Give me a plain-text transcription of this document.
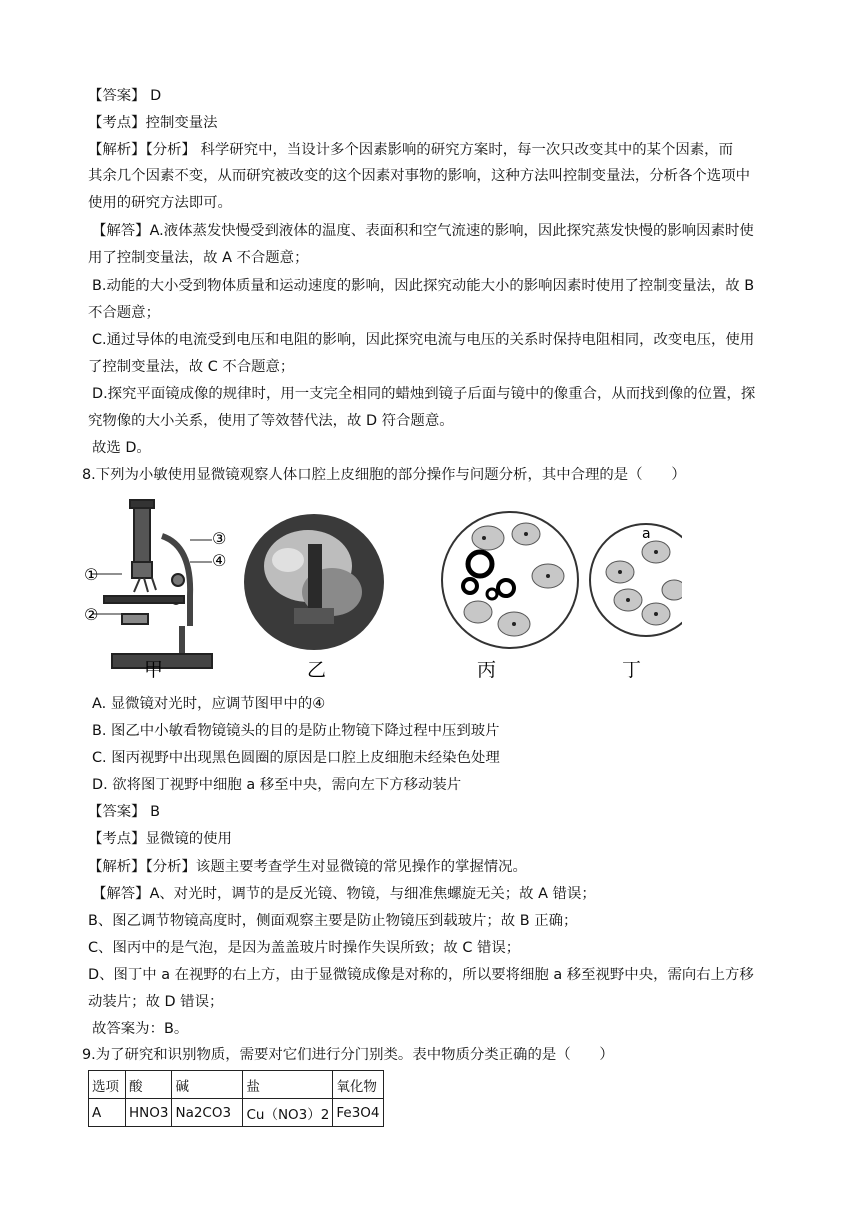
【答案】 D
【考点】控制变量法
【解析】【分析】 科学研究中，当设计多个因素影响的研究方案时，每一次只改变其中的某个因素，而
其余几个因素不变，从而研究被改变的这个因素对事物的影响，这种方法叫控制变量法，分析各个选项中
使用的研究方法即可。
【解答】A.液体蒸发快慢受到液体的温度、表面积和空气流速的影响，因此探究蒸发快慢的影响因素时使
用了控制变量法，故 A 不合题意；
B.动能的大小受到物体质量和运动速度的影响，因此探究动能大小的影响因素时使用了控制变量法，故 B
不合题意；
C.通过导体的电流受到电压和电阻的影响，因此探究电流与电压的关系时保持电阻相同，改变电压，使用
了控制变量法，故 C 不合题意；
D.探究平面镜成像的规律时，用一支完全相同的蜡烛到镜子后面与镜中的像重合，从而找到像的位置，探
究物像的大小关系，使用了等效替代法，故 D 符合题意。
故选 D。
8.下列为小敏使用显微镜观察人体口腔上皮细胞的部分操作与问题分析，其中合理的是（　　）
①
②
③
④
a
甲	乙	丙	丁
A. 显微镜对光时，应调节图甲中的④
B. 图乙中小敏看物镜镜头的目的是防止物镜下降过程中压到玻片
C. 图丙视野中出现黑色圆圈的原因是口腔上皮细胞未经染色处理
D. 欲将图丁视野中细胞 a 移至中央，需向左下方移动装片
【答案】 B
【考点】显微镜的使用
【解析】【分析】该题主要考查学生对显微镜的常见操作的掌握情况。
【解答】A、对光时，调节的是反光镜、物镜，与细准焦螺旋无关；故 A 错误；
B、图乙调节物镜高度时，侧面观察主要是防止物镜压到载玻片；故 B 正确；
C、图丙中的是气泡，是因为盖盖玻片时操作失误所致；故 C 错误；
D、图丁中 a 在视野的右上方，由于显微镜成像是对称的，所以要将细胞 a 移至视野中央，需向右上方移
动装片；故 D 错误；
故答案为：B。
9.为了研究和识别物质，需要对它们进行分门别类。表中物质分类正确的是（　　）
选项	酸	碱	盐	氧化物
A	HNO3	Na2CO3	Cu（NO3）2	Fe3O4
